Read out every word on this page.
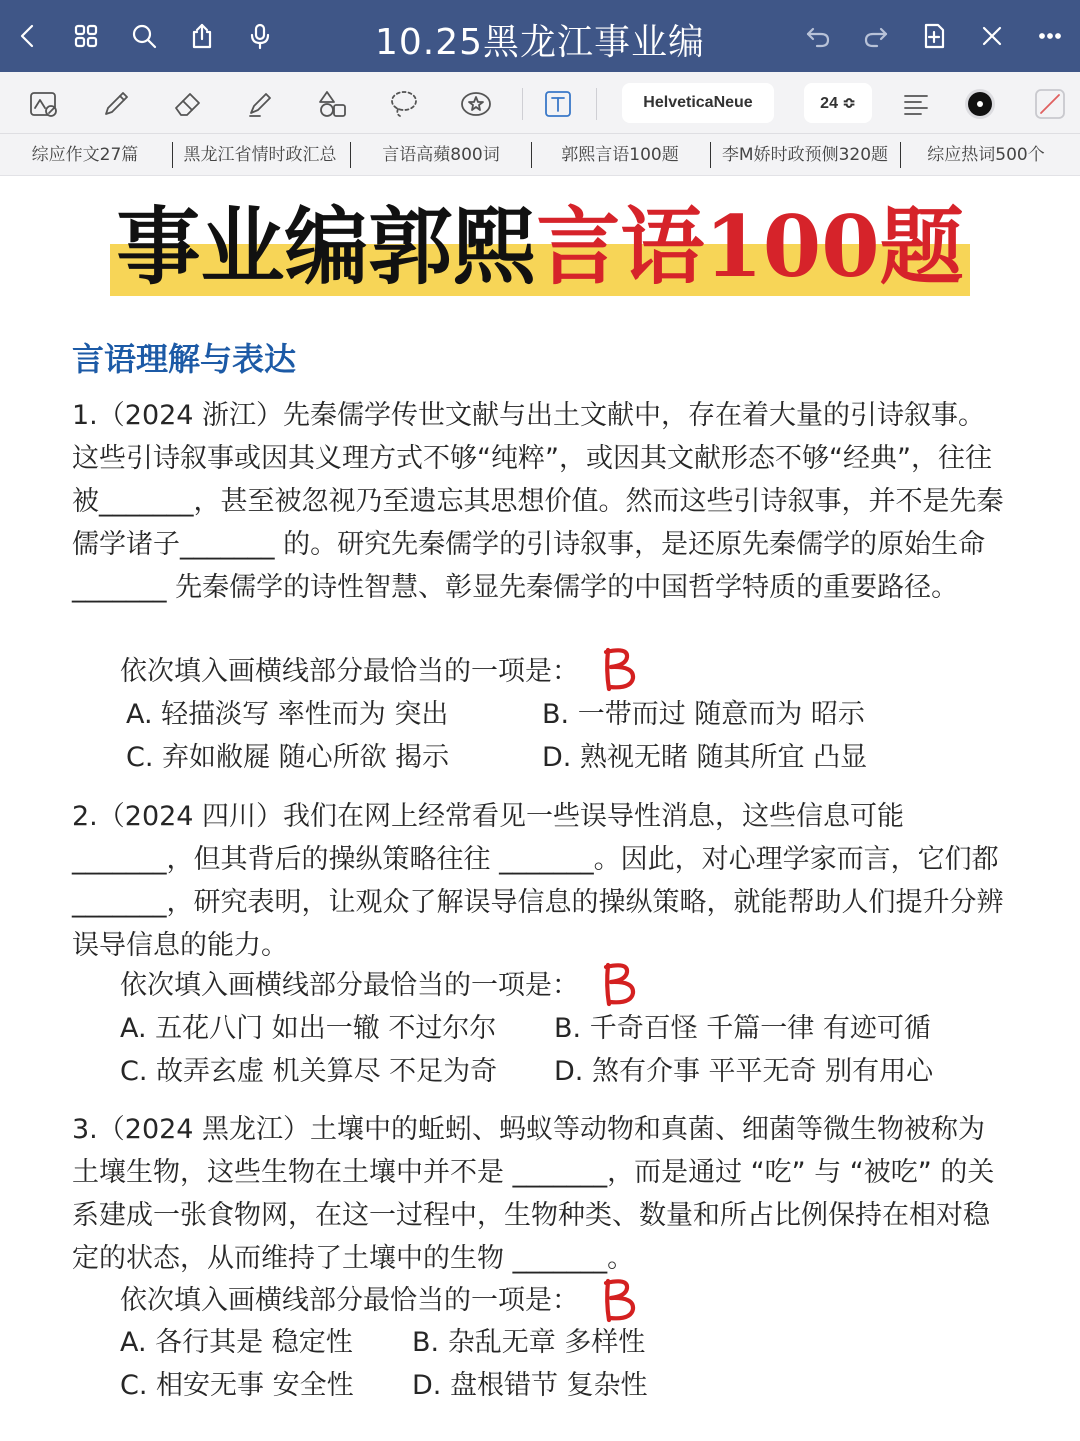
10.25黑龙江事业编
HelveticaNeue	24 ≎
综应作文27篇	黑龙江省情时政汇总	言语高蘋800词	郭熙言语100题	李M娇时政预侧320题	综应热词500个
事业编郭熙言语100题
言语理解与表达
1.（2024 浙江）先秦儒学传世文献与出土文献中，存在着大量的引诗叙事。这些引诗叙事或因其义理方式不够“纯粹”，或因其文献形态不够“经典”，往往被_______，甚至被忽视乃至遗忘其思想价值。然而这些引诗叙事，并不是先秦儒学诸子_______ 的。研究先秦儒学的引诗叙事，是还原先秦儒学的原始生命_______ 先秦儒学的诗性智慧、彰显先秦儒学的中国哲学特质的重要路径。
依次填入画横线部分最恰当的一项是：
A. 轻描淡写 率性而为 突出	B. 一带而过 随意而为 昭示
C. 弃如敝屣 随心所欲 揭示	D. 熟视无睹 随其所宜 凸显
2.（2024 四川）我们在网上经常看见一些误导性消息，这些信息可能_______，但其背后的操纵策略往往 _______。因此，对心理学家而言，它们都 _______，研究表明，让观众了解误导信息的操纵策略，就能帮助人们提升分辨误导信息的能力。
依次填入画横线部分最恰当的一项是：
A. 五花八门 如出一辙 不过尔尔 B. 千奇百怪 千篇一律 有迹可循
C. 故弄玄虚 机关算尽 不足为奇 D. 煞有介事 平平无奇 别有用心
3.（2024 黑龙江）土壤中的蚯蚓、蚂蚁等动物和真菌、细菌等微生物被称为土壤生物，这些生物在土壤中并不是 _______，而是通过 “吃” 与 “被吃” 的关系建成一张食物网，在这一过程中，生物种类、数量和所占比例保持在相对稳定的状态，从而维持了土壤中的生物 _______。
依次填入画横线部分最恰当的一项是：
A. 各行其是 稳定性 B. 杂乱无章 多样性
C. 相安无事 安全性 D. 盘根错节 复杂性
